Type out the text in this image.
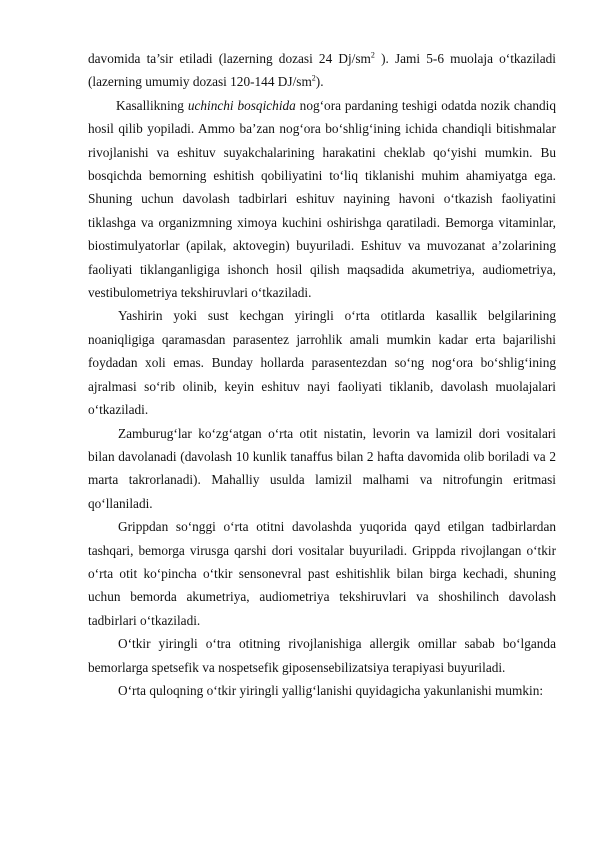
davomida ta’sir etiladi (lazerning dozasi 24 $Dj/sm^2$ ). Jami 5-6 muolaja o‘tkaziladi (lazerning umumiy dozasi 120-144 $DJ/sm^2$).

Kasallikning uchinchi bosqichida nog‘ora pardaning teshigi odatda nozik chandiq hosil qilib yopiladi. Ammo ba’zan nog‘ora bo‘shlig‘ining ichida chandiqli bitishmalar rivojlanishi va eshituv suyakchalarining harakatini cheklab qo‘yishi mumkin. Bu bosqichda bemorning eshitish qobiliyatini to‘liq tiklanishi muhim ahamiyatga ega. Shuning uchun davolash tadbirlari eshituv nayining havoni o‘tkazish faoliyatini tiklashga va organizmning ximoya kuchini oshirishga qaratiladi. Bemorga vitaminlar, biostimulyatorlar (apilak, aktovegin) buyuriladi. Eshituv va muvozanat a’zolarining faoliyati tiklanganligiga ishonch hosil qilish maqsadida akumetriya, audiometriya, vestibulometriya tekshiruvlari o‘tkaziladi.

Yashirin yoki sust kechgan yiringli o‘rta otitlarda kasallik belgilarining noaniqligiga qaramasdan parasentez jarrohlik amali mumkin kadar erta bajarilishi foydadan xoli emas. Bunday hollarda parasentezdan so‘ng nog‘ora bo‘shlig‘ining ajralmasi so‘rib olinib, keyin eshituv nayi faoliyati tiklanib, davolash muolajalari o‘tkaziladi.

Zamburug‘lar ko‘zg‘atgan o‘rta otit nistatin, levorin va lamizil dori vositalari bilan davolanadi (davolash 10 kunlik tanaffus bilan 2 hafta davomida olib boriladi va 2 marta takrorlanadi). Mahalliy usulda lamizil malhami va nitrofungin eritmasi qo‘llaniladi.

Grippdan so‘nggi o‘rta otitni davolashda yuqorida qayd etilgan tadbirlardan tashqari, bemorga virusga qarshi dori vositalar buyuriladi. Grippda rivojlangan o‘tkir o‘rta otit ko‘pincha o‘tkir sensonevral past eshitishlik bilan birga kechadi, shuning uchun bemorda akumetriya, audiometriya tekshiruvlari va shoshilinch davolash tadbirlari o‘tkaziladi.

O‘tkir yiringli o‘tra otitning rivojlanishiga allergik omillar sabab bo‘lganda bemorlarga spetsefik va nospetsefik giposensebilizatsiya terapiyasi buyuriladi.

O‘rta quloqning o‘tkir yiringli yallig‘lanishi quyidagicha yakunlanishi mumkin:
